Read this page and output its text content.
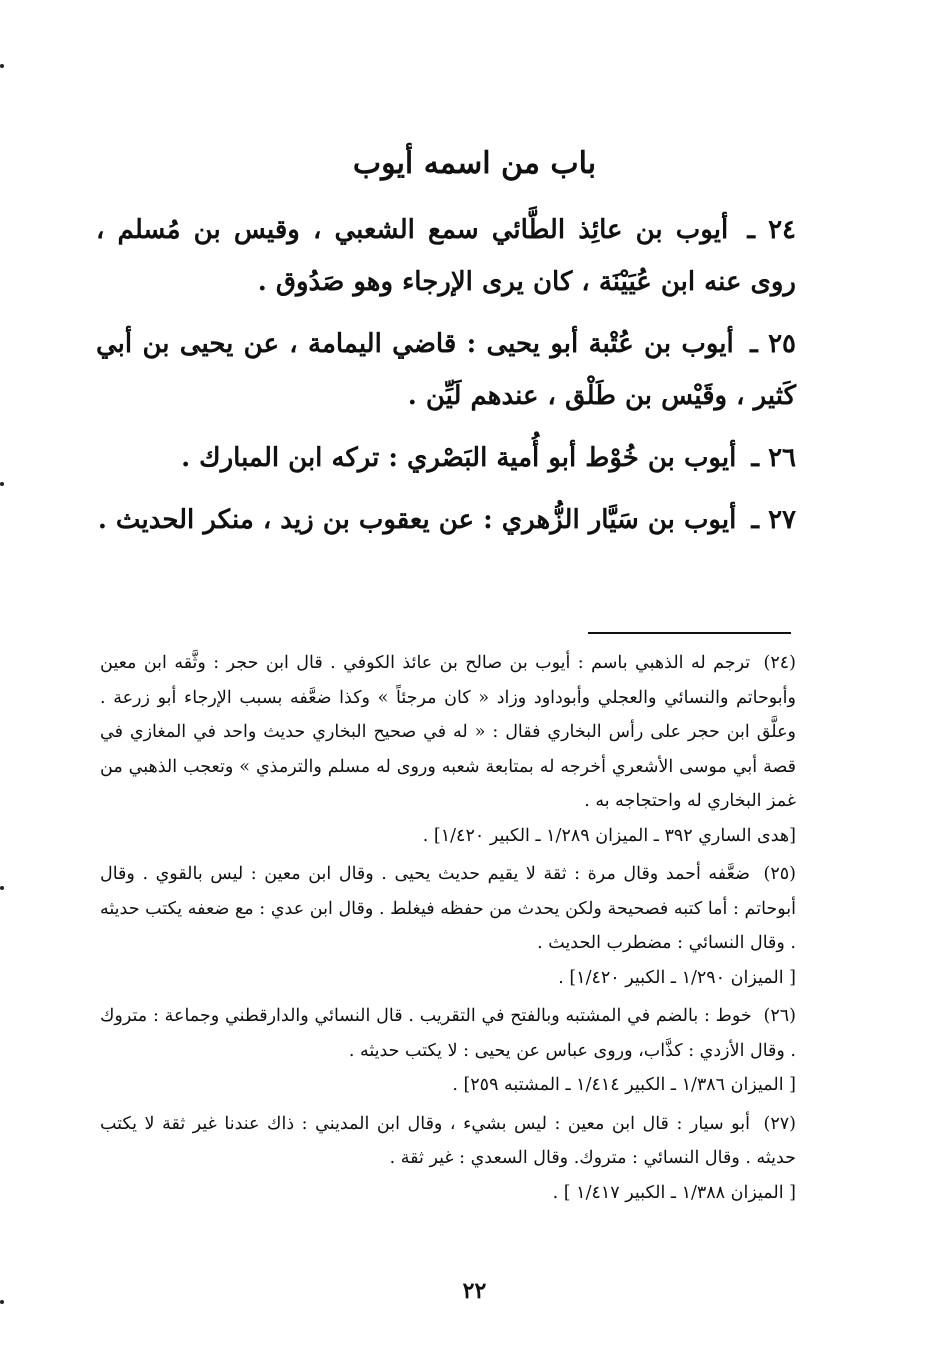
باب من اسمه أيوب

٢٤ ـ أيوب بن عائِذ الطَّائي سمع الشعبي ، وقيس بن مُسلم ، روى عنه ابن عُيَيْنَة ، كان يرى الإرجاء وهو صَدُوق .

٢٥ ـ أيوب بن عُتْبة أبو يحيى : قاضي اليمامة ، عن يحيى بن أبي كَثير ، وقَيْس بن طَلْق ، عندهم لَيِّن .

٢٦ ـ أيوب بن خُوْط أبو أُمية البَصْري : تركه ابن المبارك .

٢٧ ـ أيوب بن سَيَّار الزُّهري : عن يعقوب بن زيد ، منكر الحديث .

(٢٤) ترجم له الذهبي باسم : أيوب بن صالح بن عائذ الكوفي . قال ابن حجر : وثَّقه ابن معين وأبوحاتم والنسائي والعجلي وأبوداود وزاد « كان مرجئاً » وكذا ضعَّفه بسبب الإرجاء أبو زرعة . وعلَّق ابن حجر على رأس البخاري فقال : « له في صحيح البخاري حديث واحد في المغازي في قصة أبي موسى الأشعري أخرجه له بمتابعة شعبه وروى له مسلم والترمذي » وتعجب الذهبي من غمز البخاري له واحتجاجه به .

[هدى الساري ٣٩٢ ـ الميزان ١/٢٨٩ ـ الكبير ١/٤٢٠] .

(٢٥) ضعَّفه أحمد وقال مرة : ثقة لا يقيم حديث يحيى . وقال ابن معين : ليس بالقوي . وقال أبوحاتم : أما كتبه فصحيحة ولكن يحدث من حفظه فيغلط . وقال ابن عدي : مع ضعفه يكتب حديثه . وقال النسائي : مضطرب الحديث .

[ الميزان ١/٢٩٠ ـ الكبير ١/٤٢٠] .

(٢٦) خوط : بالضم في المشتبه وبالفتح في التقريب . قال النسائي والدارقطني وجماعة : متروك . وقال الأزدي : كذَّاب، وروى عباس عن يحيى : لا يكتب حديثه .

[ الميزان ١/٣٨٦ ـ الكبير ١/٤١٤ ـ المشتبه ٢٥٩] .

(٢٧) أبو سيار : قال ابن معين : ليس بشيء ، وقال ابن المديني : ذاك عندنا غير ثقة لا يكتب حديثه . وقال النسائي : متروك. وقال السعدي : غير ثقة .

[ الميزان ١/٣٨٨ ـ الكبير ١/٤١٧ ] .

٢٢
